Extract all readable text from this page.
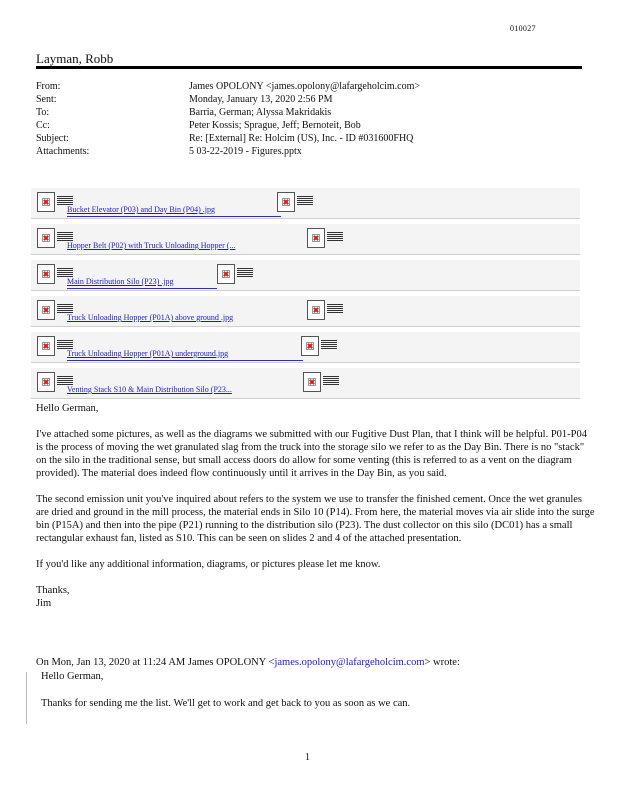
010027
Layman, Robb
From:	James OPOLONY <james.opolony@lafargeholcim.com>
Sent:	Monday, January 13, 2020 2:56 PM
To:	Barria, German; Alyssa Makridakis
Cc:	Peter Kossis; Sprague, Jeff; Bernoteit, Bob
Subject:	Re: [External] Re: Holcim (US), Inc. - ID #031600FHQ
Attachments:	5 03-22-2019 - Figures.pptx
Bucket Elevator (P03) and Day Bin (P04) .jpg
Hopper Belt (P02) with Truck Unloading Hopper (...
Main Distribution Silo (P23) .jpg
Truck Unloading Hopper (P01A) above ground .jpg
Truck Unloading Hopper (P01A) underground.jpg
Venting Stack S10 & Main Distribution Silo (P23...

Hello German,

I've attached some pictures, as well as the diagrams we submitted with our Fugitive Dust Plan, that I think will be helpful. P01-P04 is the process of moving the wet granulated slag from the truck into the storage silo we refer to as the Day Bin. There is no "stack" on the silo in the traditional sense, but small access doors do allow for some venting (this is referred to as a vent on the diagram provided). The material does indeed flow continuously until it arrives in the Day Bin, as you said.

The second emission unit you've inquired about refers to the system we use to transfer the finished cement. Once the wet granules are dried and ground in the mill process, the material ends in Silo 10 (P14). From here, the material moves via air slide into the surge bin (P15A) and then into the pipe (P21) running to the distribution silo (P23). The dust collector on this silo (DC01) has a small rectangular exhaust fan, listed as S10. This can be seen on slides 2 and 4 of the attached presentation.

If you'd like any additional information, diagrams, or pictures please let me know.

Thanks,
Jim
On Mon, Jan 13, 2020 at 11:24 AM James OPOLONY <james.opolony@lafargeholcim.com> wrote:
Hello German,
Thanks for sending me the list. We'll get to work and get back to you as soon as we can.
1
